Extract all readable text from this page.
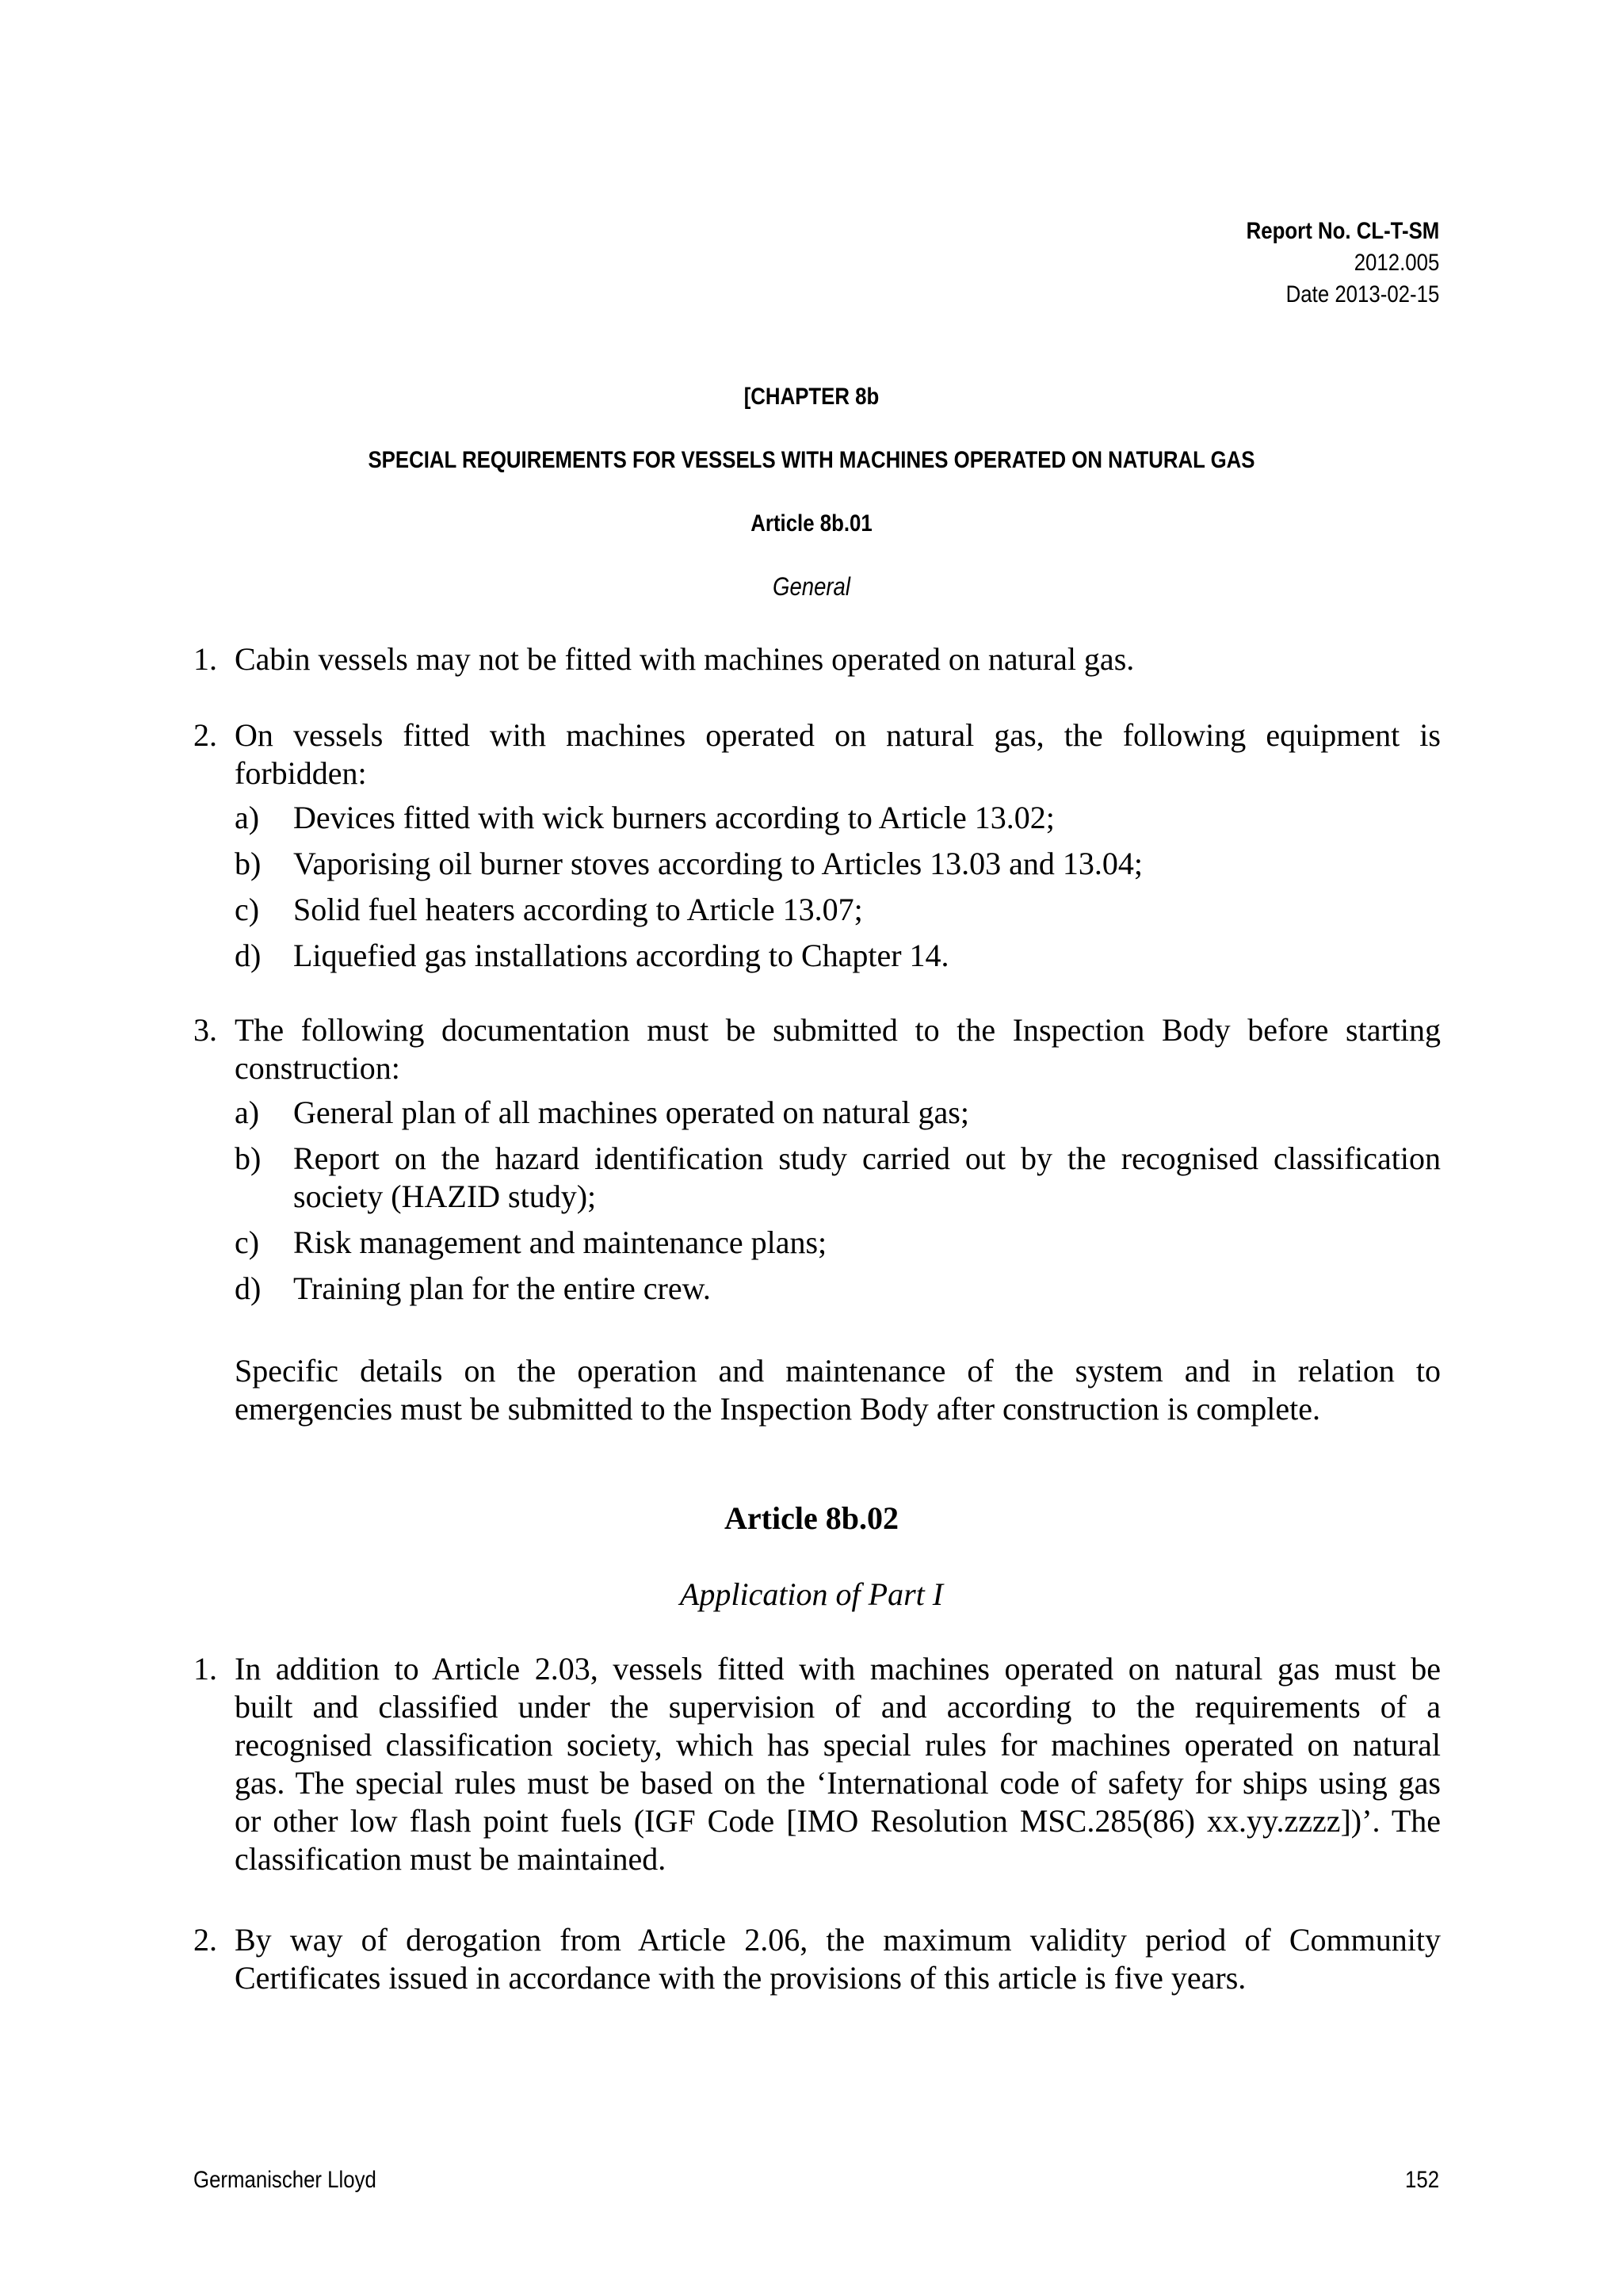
Report No. CL-T-SM
2012.005
Date 2013-02-15
[CHAPTER 8b
SPECIAL REQUIREMENTS FOR VESSELS WITH MACHINES OPERATED ON NATURAL GAS
Article 8b.01
General
1. Cabin vessels may not be fitted with machines operated on natural gas.
2. On vessels fitted with machines operated on natural gas, the following equipment is
forbidden:
a) Devices fitted with wick burners according to Article 13.02;
b) Vaporising oil burner stoves according to Articles 13.03 and 13.04;
c) Solid fuel heaters according to Article 13.07;
d) Liquefied gas installations according to Chapter 14.
3. The following documentation must be submitted to the Inspection Body before starting
construction:
a) General plan of all machines operated on natural gas;
b) Report on the hazard identification study carried out by the recognised classification
society (HAZID study);
c) Risk management and maintenance plans;
d) Training plan for the entire crew.
Specific details on the operation and maintenance of the system and in relation to
emergencies must be submitted to the Inspection Body after construction is complete.
Article 8b.02
Application of Part I
1. In addition to Article 2.03, vessels fitted with machines operated on natural gas must be
built and classified under the supervision of and according to the requirements of a
recognised classification society, which has special rules for machines operated on natural
gas. The special rules must be based on the ‘International code of safety for ships using gas
or other low flash point fuels (IGF Code [IMO Resolution MSC.285(86) xx.yy.zzzz])’. The
classification must be maintained.
2. By way of derogation from Article 2.06, the maximum validity period of Community
Certificates issued in accordance with the provisions of this article is five years.
Germanischer Lloyd	152
